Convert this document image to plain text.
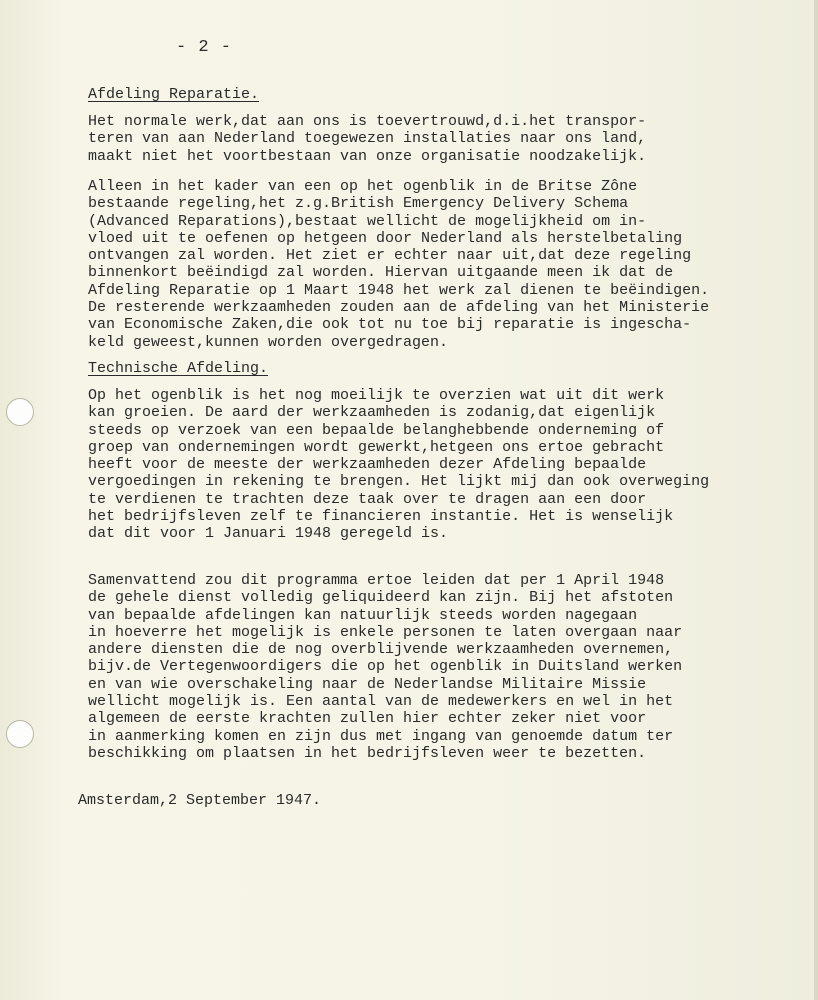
- 2 -
Afdeling Reparatie.
Het normale werk,dat aan ons is toevertrouwd,d.i.het transpor-
teren van aan Nederland toegewezen installaties naar ons land,
maakt niet het voortbestaan van onze organisatie noodzakelijk.
Alleen in het kader van een op het ogenblik in de Britse Zône
bestaande regeling,het z.g.British Emergency Delivery Schema
(Advanced Reparations),bestaat wellicht de mogelijkheid om in-
vloed uit te oefenen op hetgeen door Nederland als herstelbetaling
ontvangen zal worden. Het ziet er echter naar uit,dat deze regeling
binnenkort beëindigd zal worden. Hiervan uitgaande meen ik dat de
Afdeling Reparatie op 1 Maart 1948 het werk zal dienen te beëindigen.
De resterende werkzaamheden zouden aan de afdeling van het Ministerie
van Economische Zaken,die ook tot nu toe bij reparatie is ingescha-
keld geweest,kunnen worden overgedragen.
Technische Afdeling.
Op het ogenblik is het nog moeilijk te overzien wat uit dit werk
kan groeien. De aard der werkzaamheden is zodanig,dat eigenlijk
steeds op verzoek van een bepaalde belanghebbende onderneming of
groep van ondernemingen wordt gewerkt,hetgeen ons ertoe gebracht
heeft voor de meeste der werkzaamheden dezer Afdeling bepaalde
vergoedingen in rekening te brengen. Het lijkt mij dan ook overweging
te verdienen te trachten deze taak over te dragen aan een door
het bedrijfsleven zelf te financieren instantie. Het is wenselijk
dat dit voor 1 Januari 1948 geregeld is.
Samenvattend zou dit programma ertoe leiden dat per 1 April 1948
de gehele dienst volledig geliquideerd kan zijn. Bij het afstoten
van bepaalde afdelingen kan natuurlijk steeds worden nagegaan
in hoeverre het mogelijk is enkele personen te laten overgaan naar
andere diensten die de nog overblijvende werkzaamheden overnemen,
bijv.de Vertegenwoordigers die op het ogenblik in Duitsland werken
en van wie overschakeling naar de Nederlandse Militaire Missie
wellicht mogelijk is. Een aantal van de medewerkers en wel in het
algemeen de eerste krachten zullen hier echter zeker niet voor
in aanmerking komen en zijn dus met ingang van genoemde datum ter
beschikking om plaatsen in het bedrijfsleven weer te bezetten.
Amsterdam,2 September 1947.
